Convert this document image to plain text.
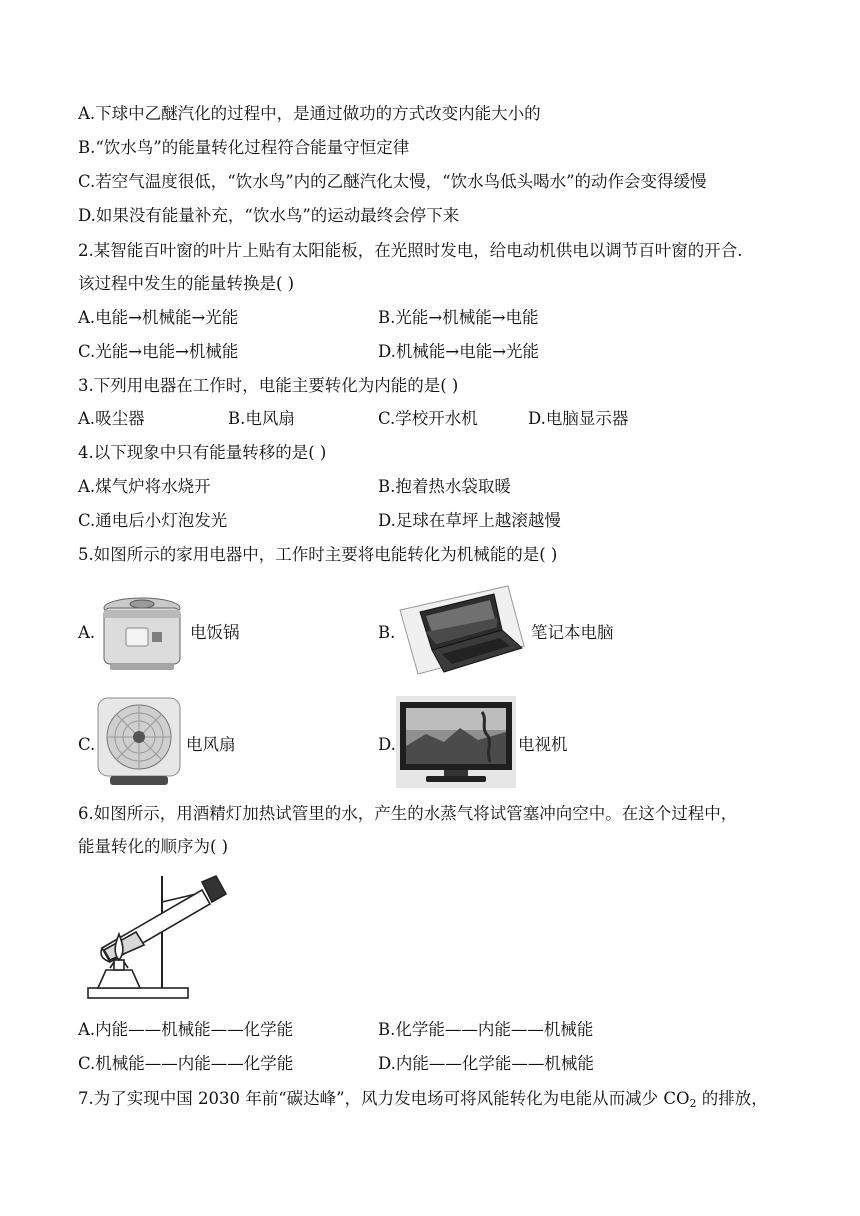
A.下球中乙醚汽化的过程中，是通过做功的方式改变内能大小的
B.“饮水鸟”的能量转化过程符合能量守恒定律
C.若空气温度很低，“饮水鸟”内的乙醚汽化太慢，“饮水鸟低头喝水”的动作会变得缓慢
D.如果没有能量补充，“饮水鸟”的运动最终会停下来
2.某智能百叶窗的叶片上贴有太阳能板，在光照时发电，给电动机供电以调节百叶窗的开合.
该过程中发生的能量转换是( )
A.电能→机械能→光能	B.光能→机械能→电能
C.光能→电能→机械能	D.机械能→电能→光能
3.下列用电器在工作时，电能主要转化为内能的是( )
A.吸尘器	B.电风扇	C.学校开水机	D.电脑显示器
4.以下现象中只有能量转移的是( )
A.煤气炉将水烧开	B.抱着热水袋取暖
C.通电后小灯泡发光	D.足球在草坪上越滚越慢
5.如图所示的家用电器中，工作时主要将电能转化为机械能的是( )
A.	电饭锅	B.	笔记本电脑
C.	电风扇	D.	电视机
6.如图所示，用酒精灯加热试管里的水，产生的水蒸气将试管塞冲向空中。在这个过程中，
能量转化的顺序为( )
A.内能——机械能——化学能	B.化学能——内能——机械能
C.机械能——内能——化学能	D.内能——化学能——机械能
7.为了实现中国 2030 年前“碳达峰”，风力发电场可将风能转化为电能从而减少 $CO_2$ 的排放，
